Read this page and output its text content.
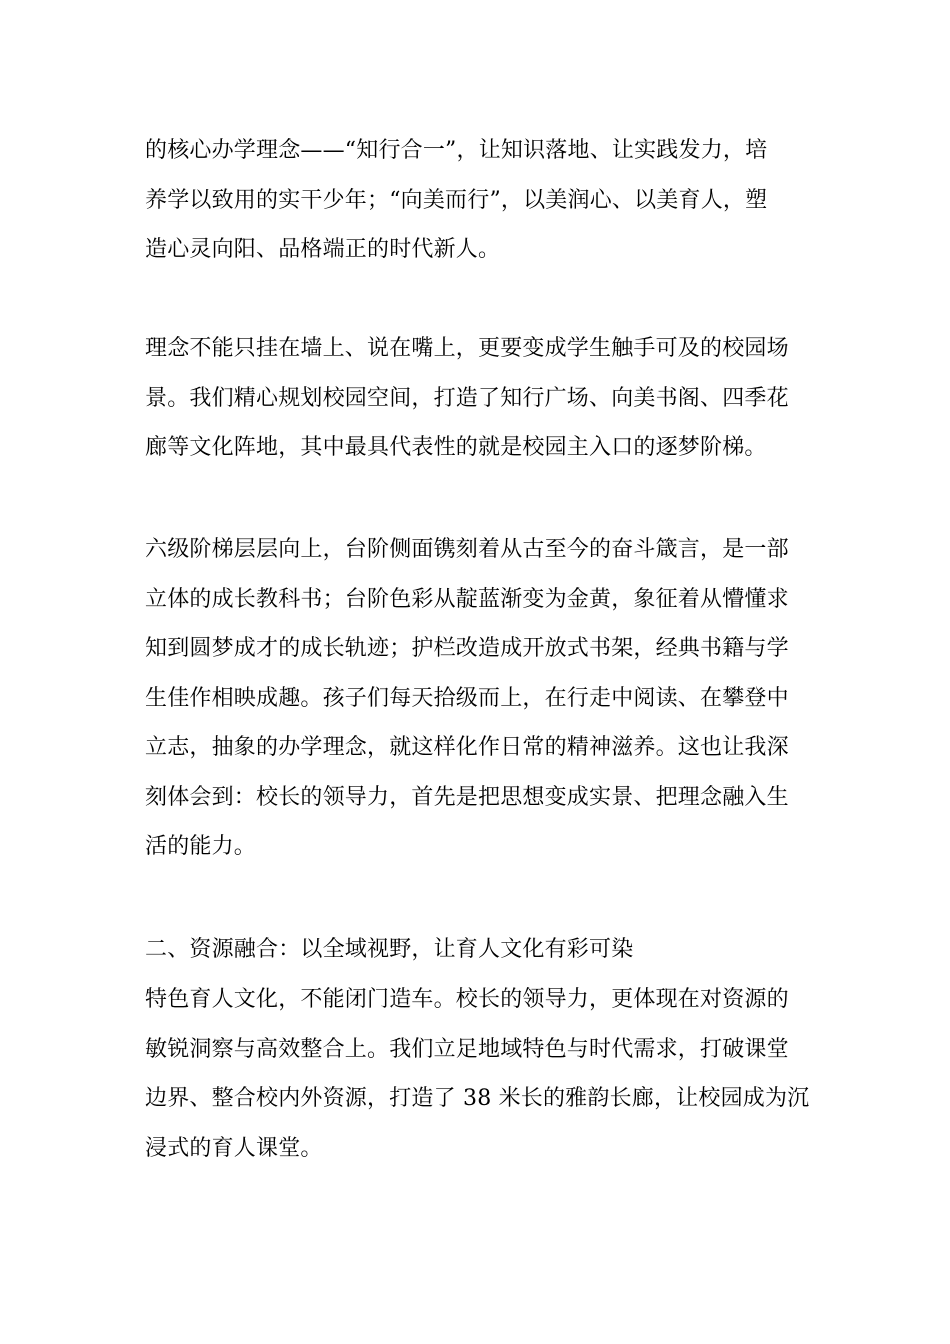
的核心办学理念——“知行合一”，让知识落地、让实践发力，培
养学以致用的实干少年；“向美而行”，以美润心、以美育人，塑
造心灵向阳、品格端正的时代新人。

理念不能只挂在墙上、说在嘴上，更要变成学生触手可及的校园场
景。我们精心规划校园空间，打造了知行广场、向美书阁、四季花
廊等文化阵地，其中最具代表性的就是校园主入口的逐梦阶梯。

六级阶梯层层向上，台阶侧面镌刻着从古至今的奋斗箴言，是一部
立体的成长教科书；台阶色彩从靛蓝渐变为金黄，象征着从懵懂求
知到圆梦成才的成长轨迹；护栏改造成开放式书架，经典书籍与学
生佳作相映成趣。孩子们每天拾级而上，在行走中阅读、在攀登中
立志，抽象的办学理念，就这样化作日常的精神滋养。这也让我深
刻体会到：校长的领导力，首先是把思想变成实景、把理念融入生
活的能力。

二、资源融合：以全域视野，让育人文化有彩可染

特色育人文化，不能闭门造车。校长的领导力，更体现在对资源的
敏锐洞察与高效整合上。我们立足地域特色与时代需求，打破课堂
边界、整合校内外资源，打造了 38 米长的雅韵长廊，让校园成为沉
浸式的育人课堂。
